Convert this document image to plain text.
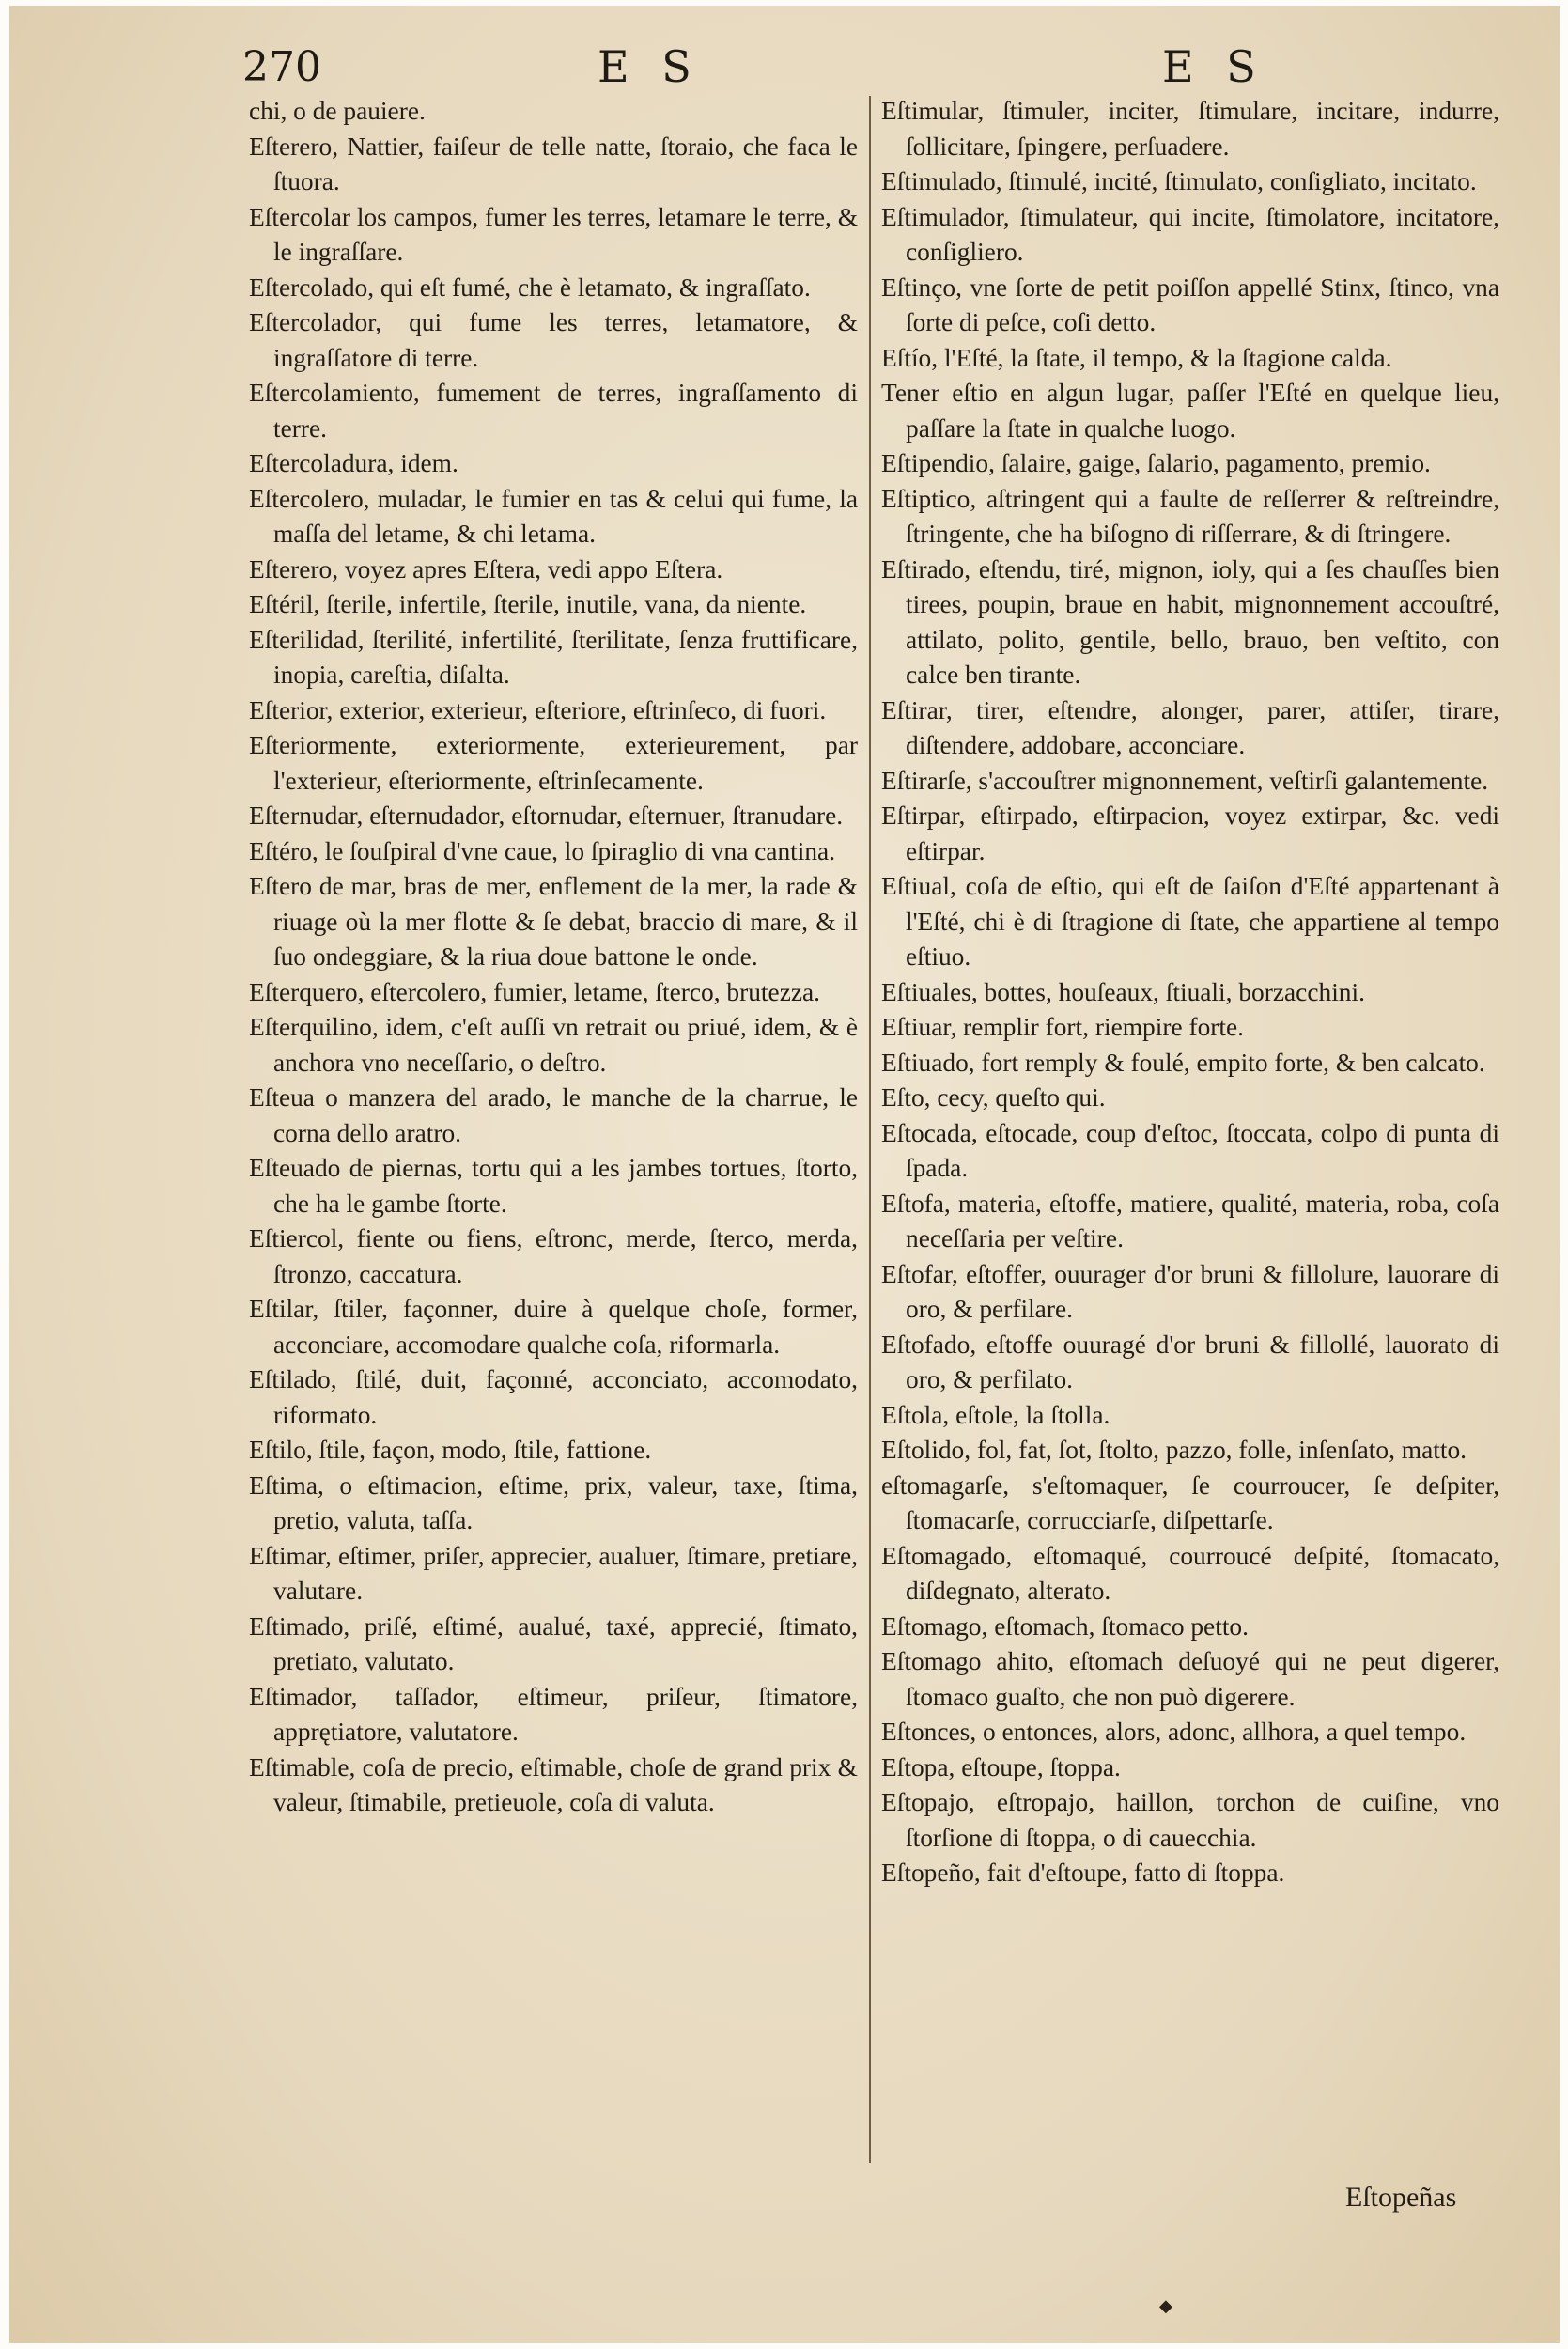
270	E S	E S

chi, o de pauiere.

Eſterero, Nattier, faiſeur de telle natte, ſtoraio, che faca le ſtuora.

Eſtercolar los campos, fumer les terres, letamare le terre, & le ingraſſare.

Eſtercolado, qui eſt fumé, che è letamato, & ingraſſato.

Eſtercolador, qui fume les terres, letamatore, & ingraſſatore di terre.

Eſtercolamiento, fumement de terres, ingraſſamento di terre.

Eſtercoladura, idem.

Eſtercolero, muladar, le fumier en tas & celui qui fume, la maſſa del letame, & chi letama.

Eſterero, voyez apres Eſtera, vedi appo Eſtera.

Eſtéril, ſterile, infertile, ſterile, inutile, vana, da niente.

Eſterilidad, ſterilité, infertilité, ſterilitate, ſenza fruttificare, inopia, careſtia, diſalta.

Eſterior, exterior, exterieur, eſteriore, eſtrinſeco, di fuori.

Eſteriormente, exteriormente, exterieurement, par l'exterieur, eſteriormente, eſtrinſecamente.

Eſternudar, eſternudador, eſtornudar, eſternuer, ſtranudare.

Eſtéro, le ſouſpiral d'vne caue, lo ſpiraglio di vna cantina.

Eſtero de mar, bras de mer, enflement de la mer, la rade & riuage où la mer flotte & ſe debat, braccio di mare, & il ſuo ondeggiare, & la riua doue battone le onde.

Eſterquero, eſtercolero, fumier, letame, ſterco, brutezza.

Eſterquilino, idem, c'eſt auſſi vn retrait ou priué, idem, & è anchora vno neceſſario, o deſtro.

Eſteua o manzera del arado, le manche de la charrue, le corna dello aratro.

Eſteuado de piernas, tortu qui a les jambes tortues, ſtorto, che ha le gambe ſtorte.

Eſtiercol, fiente ou fiens, eſtronc, merde, ſterco, merda, ſtronzo, caccatura.

Eſtilar, ſtiler, façonner, duire à quelque choſe, former, acconciare, accomodare qualche coſa, riformarla.

Eſtilado, ſtilé, duit, façonné, acconciato, accomodato, riformato.

Eſtilo, ſtile, façon, modo, ſtile, fattione.

Eſtima, o eſtimacion, eſtime, prix, valeur, taxe, ſtima, pretio, valuta, taſſa.

Eſtimar, eſtimer, priſer, apprecier, aualuer, ſtimare, pretiare, valutare.

Eſtimado, priſé, eſtimé, aualué, taxé, apprecié, ſtimato, pretiato, valutato.

Eſtimador, taſſador, eſtimeur, priſeur, ſtimatore, apprętiatore, valutatore.

Eſtimable, coſa de precio, eſtimable, choſe de grand prix & valeur, ſtimabile, pretieuole, coſa di valuta.

Eſtimular, ſtimuler, inciter, ſtimulare, incitare, indurre, ſollicitare, ſpingere, perſuadere.

Eſtimulado, ſtimulé, incité, ſtimulato, conſigliato, incitato.

Eſtimulador, ſtimulateur, qui incite, ſtimolatore, incitatore, conſigliero.

Eſtinço, vne ſorte de petit poiſſon appellé Stinx, ſtinco, vna ſorte di peſce, coſi detto.

Eſtío, l'Eſté, la ſtate, il tempo, & la ſtagione calda.

Tener eſtio en algun lugar, paſſer l'Eſté en quelque lieu, paſſare la ſtate in qualche luogo.

Eſtipendio, ſalaire, gaige, ſalario, pagamento, premio.

Eſtiptico, aſtringent qui a faulte de reſſerrer & reſtreindre, ſtringente, che ha biſogno di riſſerrare, & di ſtringere.

Eſtirado, eſtendu, tiré, mignon, ioly, qui a ſes chauſſes bien tirees, poupin, braue en habit, mignonnement accouſtré, attilato, polito, gentile, bello, brauo, ben veſtito, con calce ben tirante.

Eſtirar, tirer, eſtendre, alonger, parer, attiſer, tirare, diſtendere, addobare, acconciare.

Eſtirarſe, s'accouſtrer mignonnement, veſtirſi galantemente.

Eſtirpar, eſtirpado, eſtirpacion, voyez extirpar, &c. vedi eſtirpar.

Eſtiual, coſa de eſtio, qui eſt de ſaiſon d'Eſté appartenant à l'Eſté, chi è di ſtragione di ſtate, che appartiene al tempo eſtiuo.

Eſtiuales, bottes, houſeaux, ſtiuali, borzacchini.

Eſtiuar, remplir fort, riempire forte.

Eſtiuado, fort remply & foulé, empito forte, & ben calcato.

Eſto, cecy, queſto qui.

Eſtocada, eſtocade, coup d'eſtoc, ſtoccata, colpo di punta di ſpada.

Eſtofa, materia, eſtoffe, matiere, qualité, materia, roba, coſa neceſſaria per veſtire.

Eſtofar, eſtoffer, ouurager d'or bruni & fillolure, lauorare di oro, & perfilare.

Eſtofado, eſtoffe ouuragé d'or bruni & fillollé, lauorato di oro, & perfilato.

Eſtola, eſtole, la ſtolla.

Eſtolido, fol, fat, ſot, ſtolto, pazzo, folle, inſenſato, matto.

eſtomagarſe, s'eſtomaquer, ſe courroucer, ſe deſpiter, ſtomacarſe, corrucciarſe, diſpettarſe.

Eſtomagado, eſtomaqué, courroucé deſpité, ſtomacato, diſdegnato, alterato.

Eſtomago, eſtomach, ſtomaco petto.

Eſtomago ahito, eſtomach deſuoyé qui ne peut digerer, ſtomaco guaſto, che non può digerere.

Eſtonces, o entonces, alors, adonc, allhora, a quel tempo.

Eſtopa, eſtoupe, ſtoppa.

Eſtopajo, eſtropajo, haillon, torchon de cuiſine, vno ſtorſione di ſtoppa, o di cauecchia.

Eſtopeño, fait d'eſtoupe, fatto di ſtoppa.

Eſtopeñas
◆
